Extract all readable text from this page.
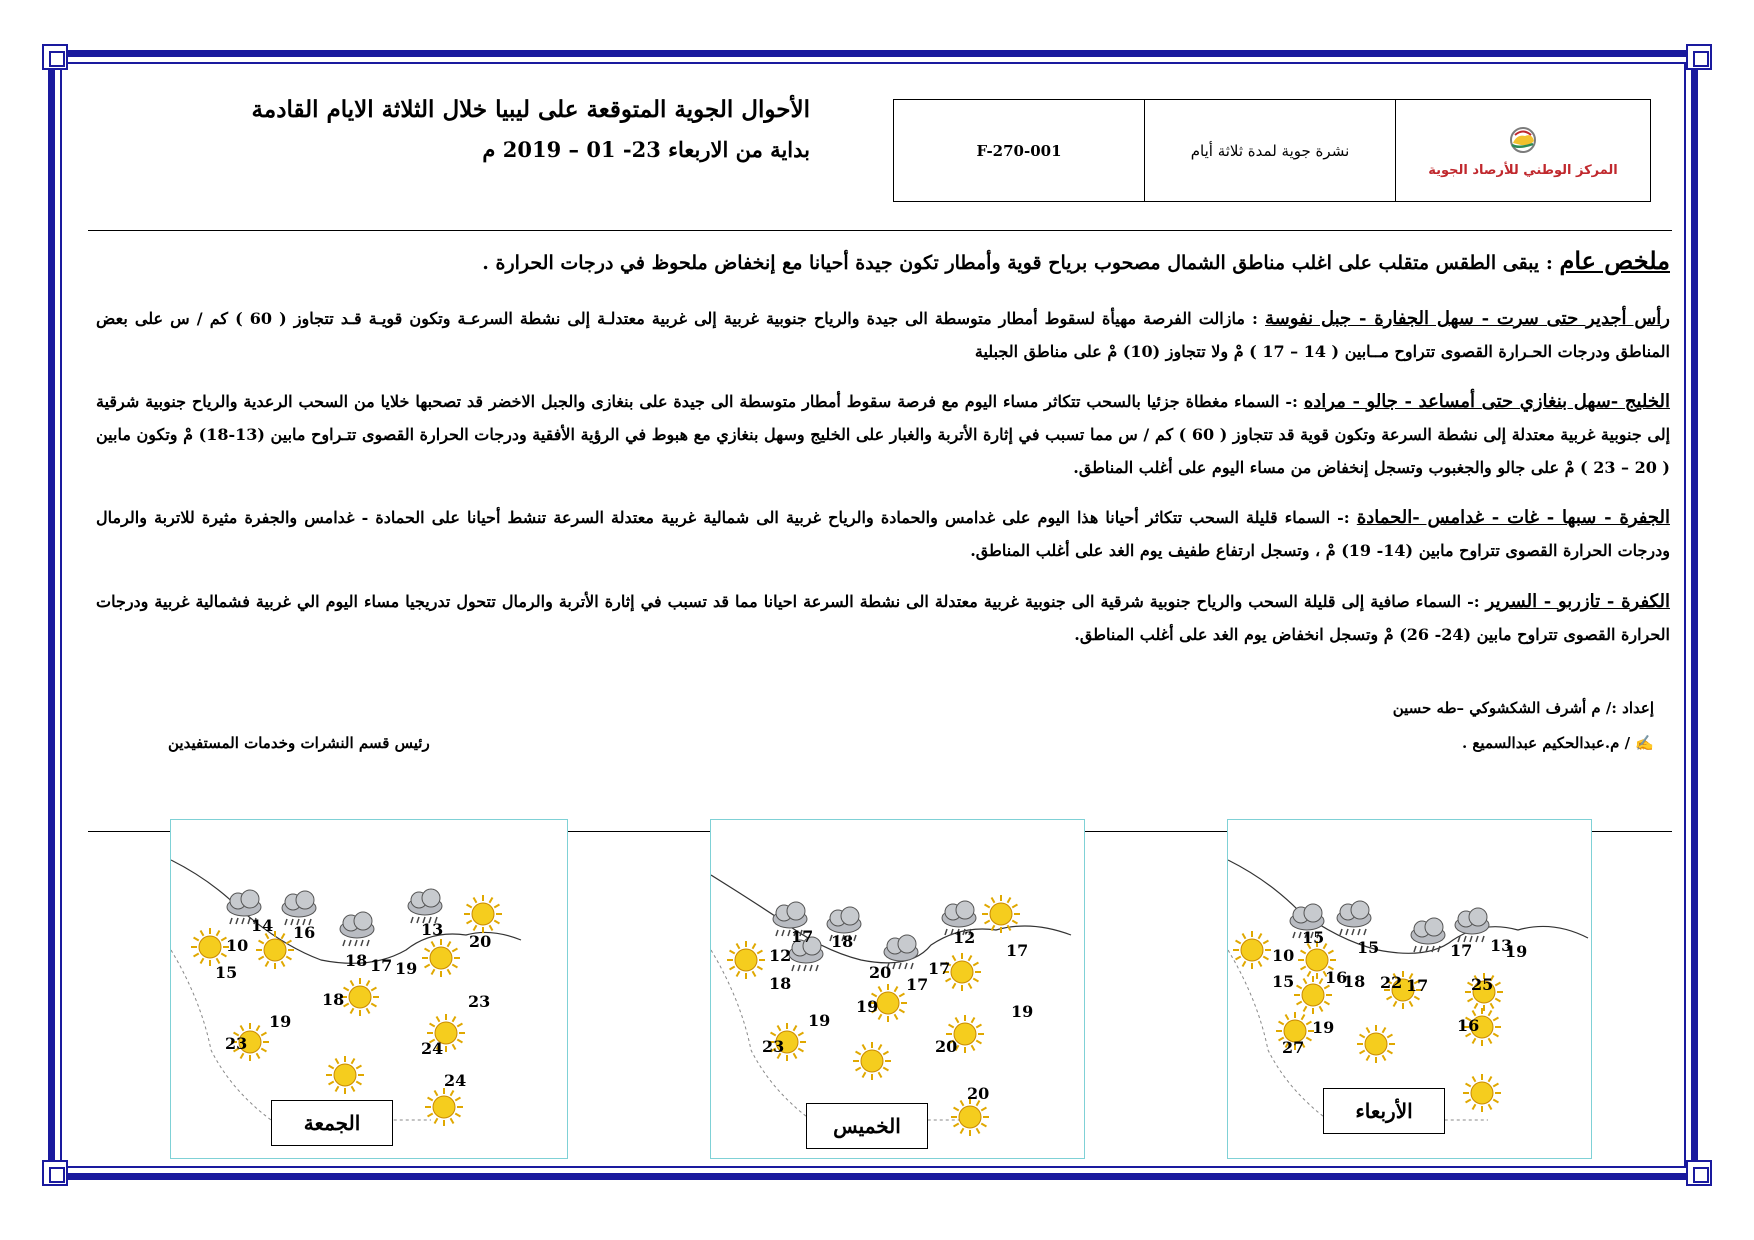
الأحوال الجوية المتوقعة على ليبيا خلال الثلاثة الايام القادمة
بداية من الاربعاء 23- 01 – 2019 م	F-270-001	نشرة جوية لمدة ثلاثة أيام
المركز الوطني للأرصاد الجوية
ملخص عام : يبقى الطقس متقلب على اغلب مناطق الشمال مصحوب برياح قوية وأمطار تكون جيدة أحيانا مع إنخفاض ملحوظ في درجات الحرارة .

رأس أجدير حتى سرت - سهل الجفارة - جبل نفوسة : مازالت الفرصة مهيأة لسقوط أمطار متوسطة الى جيدة والرياح جنوبية غربية إلى غربية معتدلـة إلى نشطة السرعـة وتكون قويـة قـد تتجاوز ( 60 ) كم / س على بعض المناطق ودرجات الحـرارة القصوى تتراوح مــابين ( 14 – 17 ) مْ ولا تتجاوز (10) مْ على مناطق الجبلية

الخليج -سهل بنغازي حتى أمساعد - جالو - مراده :- السماء مغطاة جزئيا بالسحب تتكاثر مساء اليوم مع فرصة سقوط أمطار متوسطة الى جيدة على بنغازى والجبل الاخضر قد تصحبها خلايا من السحب الرعدية والرياح جنوبية شرقية إلى جنوبية غربية معتدلة إلى نشطة السرعة وتكون قوية قد تتجاوز ( 60 ) كم / س مما تسبب في إثارة الأتربة والغبار على الخليج وسهل بنغازي مع هبوط في الرؤية الأفقية ودرجات الحرارة القصوى تتـراوح مابين (13-18) مْ وتكون مابين ( 20 – 23 ) مْ على جالو والجغبوب وتسجل إنخفاض من مساء اليوم على أغلب المناطق.

الجفرة - سبها - غات - غدامس -الحمادة :- السماء قليلة السحب تتكاثر أحيانا هذا اليوم على غدامس والحمادة والرياح غربية الى شمالية غربية معتدلة السرعة تنشط أحيانا على الحمادة - غدامس والجفرة مثيرة للاتربة والرمال ودرجات الحرارة القصوى تتراوح مابين (14- 19) مْ ، وتسجل ارتفاع طفيف يوم الغد على أغلب المناطق.

الكفرة - تازربو - السرير :- السماء صافية إلى قليلة السحب والرياح جنوبية شرقية الى جنوبية غربية معتدلة الى نشطة السرعة احيانا مما قد تسبب في إثارة الأتربة والرمال تتحول تدريجيا مساء اليوم الي غربية فشمالية غربية ودرجات الحرارة القصوى تتراوح مابين (24- 26) مْ وتسجل انخفاض يوم الغد على أغلب المناطق.

إعداد :/ م أشرف الشكشوكي –طه حسين
✍ / م.عبدالحكيم عبدالسميع .
رئيس قسم النشرات وخدمات المستفيدين
14 16	13
20
10
15
18 17 19
18	23
19
23	24
24
الجمعة
17 18	12
17
12
18
20
17
17
19	19
19
23	20
20
الخميس
15
15	17 13
19
10
15 16
18	17
22	25
16
19
27
الأربعاء
